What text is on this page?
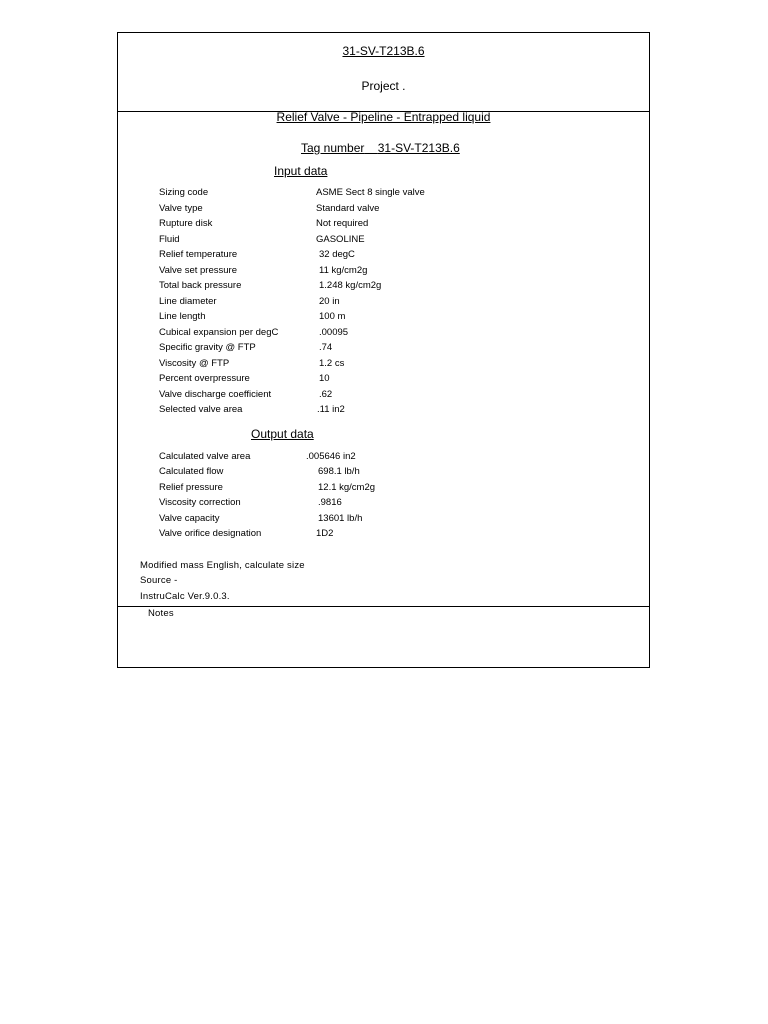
31-SV-T213B.6
Project .
Relief Valve - Pipeline - Entrapped liquid
Tag number 31-SV-T213B.6
Input data
Sizing code	ASME Sect 8 single valve
Valve type	Standard valve
Rupture disk	Not required
Fluid	GASOLINE
Relief temperature	32 degC
Valve set pressure	11 kg/cm2g
Total back pressure	1.248 kg/cm2g
Line diameter	20 in
Line length	100 m
Cubical expansion per degC	.00095
Specific gravity @ FTP	.74
Viscosity @ FTP	1.2 cs
Percent overpressure	10
Valve discharge coefficient	.62
Selected valve area	.11 in2
Output data
Calculated valve area	.005646 in2
Calculated flow	698.1 lb/h
Relief pressure	12.1 kg/cm2g
Viscosity correction	.9816
Valve capacity	13601 lb/h
Valve orifice designation	1D2
Modified mass English, calculate size
Source -
InstruCalc Ver.9.0.3.
Notes
